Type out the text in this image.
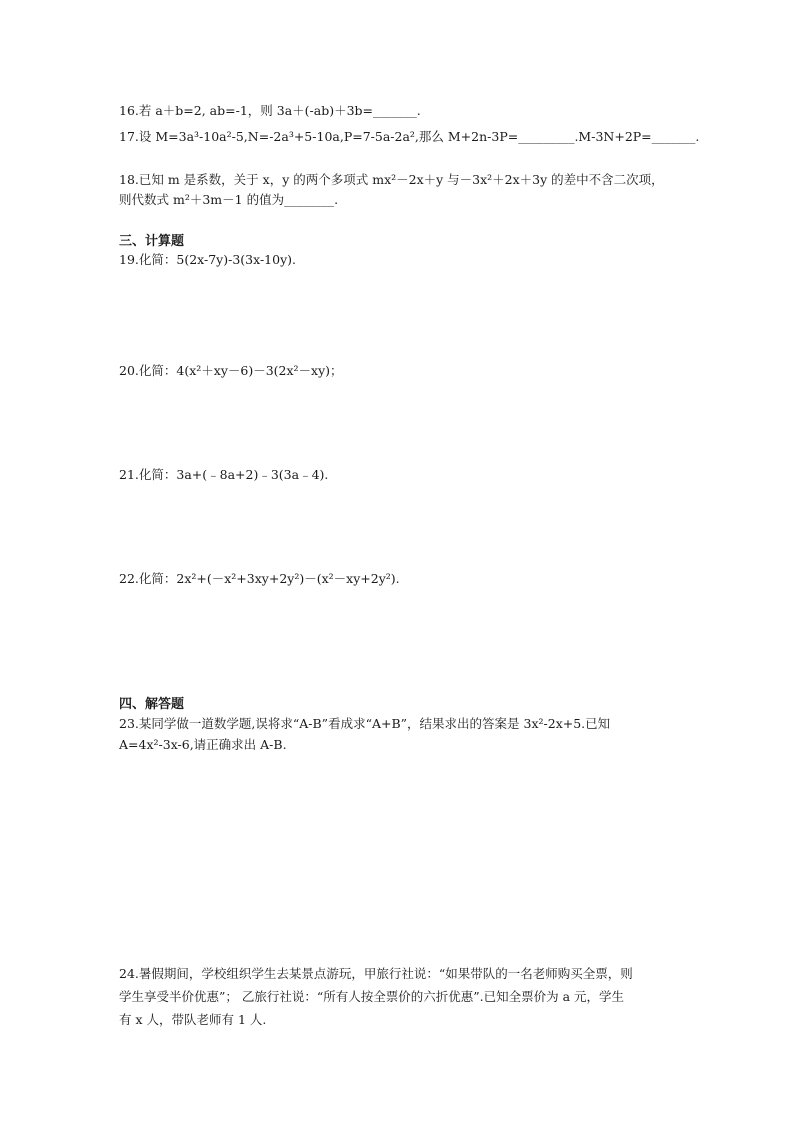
16.若 a＋b=2, ab=-1，则 3a＋(-ab)＋3b=_______.
17.设 M=3a³-10a²-5,N=-2a³+5-10a,P=7-5a-2a²,那么 M+2n-3P=_________.M-3N+2P=_______.
18.已知 m 是系数，关于 x，y 的两个多项式 mx²－2x＋y 与－3x²＋2x＋3y 的差中不含二次项，
则代数式 m²＋3m－1 的值为________.
三、计算题
19.化简：5(2x-7y)-3(3x-10y).
20.化简：4(x²＋xy－6)－3(2x²－xy)；
21.化简：3a+(﹣8a+2)﹣3(3a﹣4).
22.化简：2x²+(－x²+3xy+2y²)－(x²－xy+2y²).
四、解答题
23.某同学做一道数学题,误将求“A-B”看成求“A+B”，结果求出的答案是 3x²-2x+5.已知
A=4x²-3x-6,请正确求出 A-B.
24.暑假期间，学校组织学生去某景点游玩，甲旅行社说：“如果带队的一名老师购买全票，则
学生享受半价优惠”； 乙旅行社说：“所有人按全票价的六折优惠”.已知全票价为 a 元，学生
有 x 人，带队老师有 1 人.
